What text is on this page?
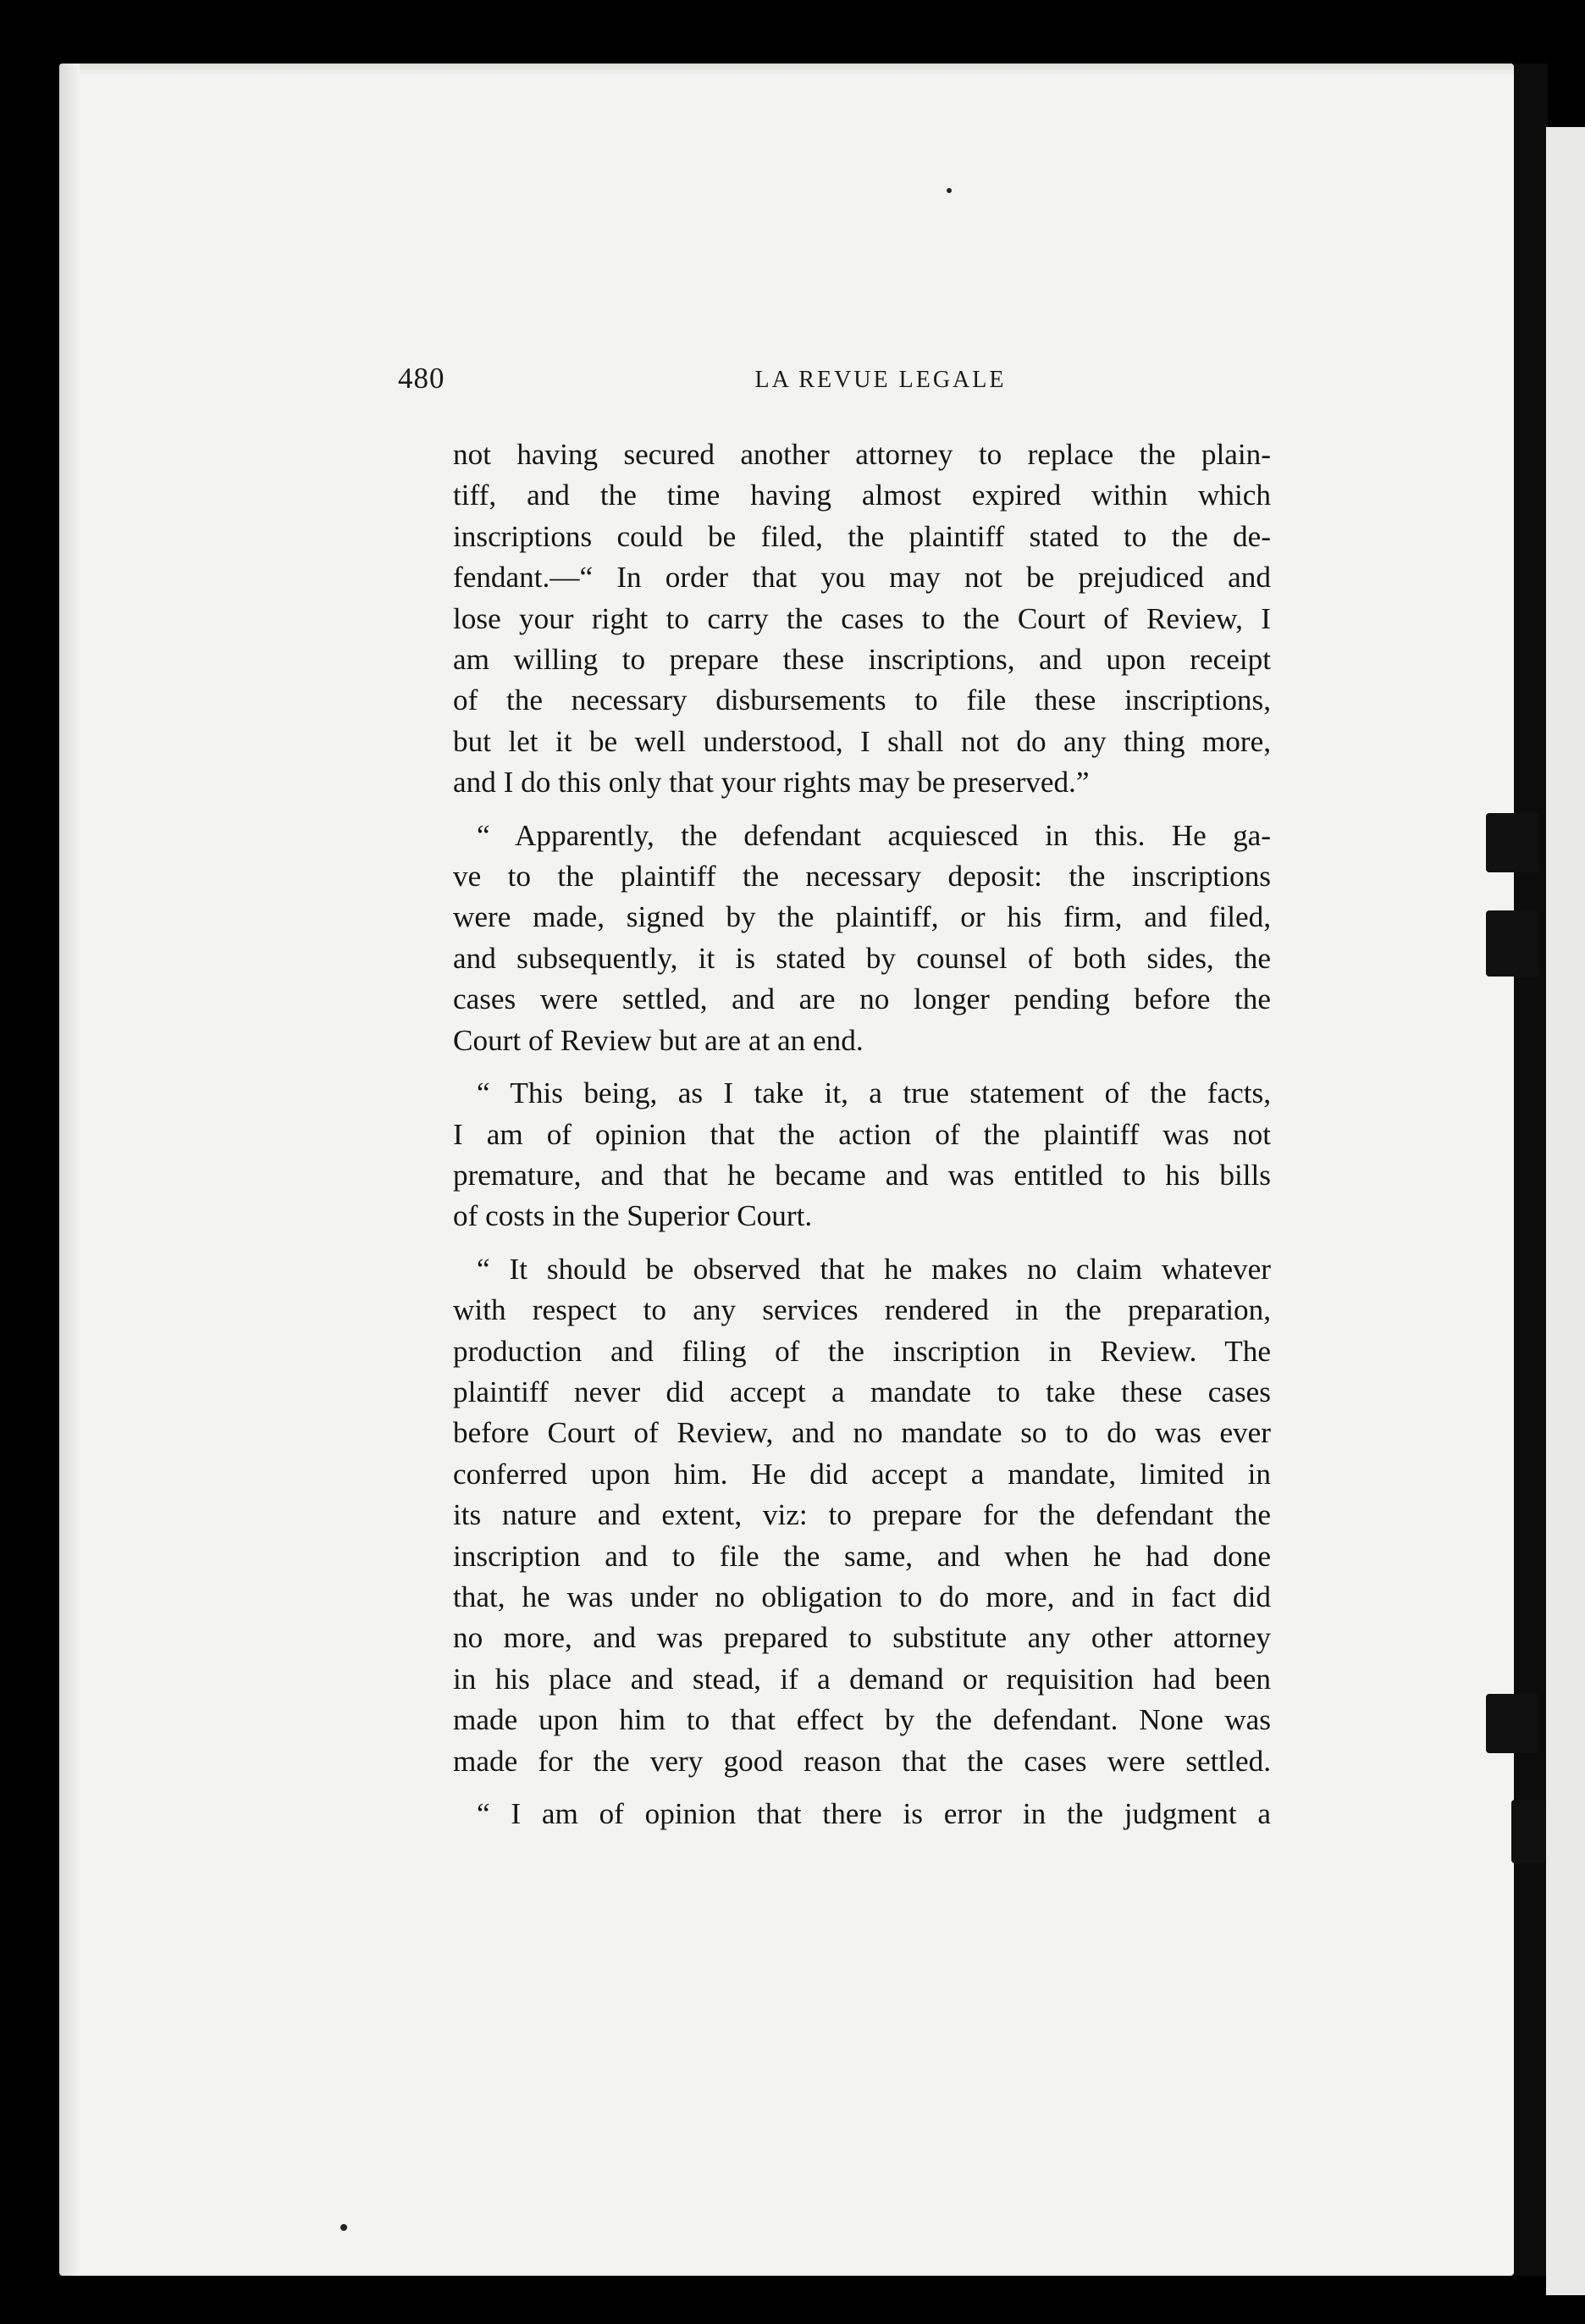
480	LA REVUE LEGALE

not having secured another attorney to replace the plain-
tiff, and the time having almost expired within which
inscriptions could be filed, the plaintiff stated to the de-
fendant.—“ In order that you may not be prejudiced and
lose your right to carry the cases to the Court of Review, I
am willing to prepare these inscriptions, and upon receipt
of the necessary disbursements to file these inscriptions,
but let it be well understood, I shall not do any thing more,
and I do this only that your rights may be preserved.”

“ Apparently, the defendant acquiesced in this. He ga-
ve to the plaintiff the necessary deposit: the inscriptions
were made, signed by the plaintiff, or his firm, and filed,
and subsequently, it is stated by counsel of both sides, the
cases were settled, and are no longer pending before the
Court of Review but are at an end.

“ This being, as I take it, a true statement of the facts,
I am of opinion that the action of the plaintiff was not
premature, and that he became and was entitled to his bills
of costs in the Superior Court.

“ It should be observed that he makes no claim whatever
with respect to any services rendered in the preparation,
production and filing of the inscription in Review. The
plaintiff never did accept a mandate to take these cases
before Court of Review, and no mandate so to do was ever
conferred upon him. He did accept a mandate, limited in
its nature and extent, viz: to prepare for the defendant the
inscription and to file the same, and when he had done
that, he was under no obligation to do more, and in fact did
no more, and was prepared to substitute any other attorney
in his place and stead, if a demand or requisition had been
made upon him to that effect by the defendant. None was
made for the very good reason that the cases were settled.

“ I am of opinion that there is error in the judgment a
